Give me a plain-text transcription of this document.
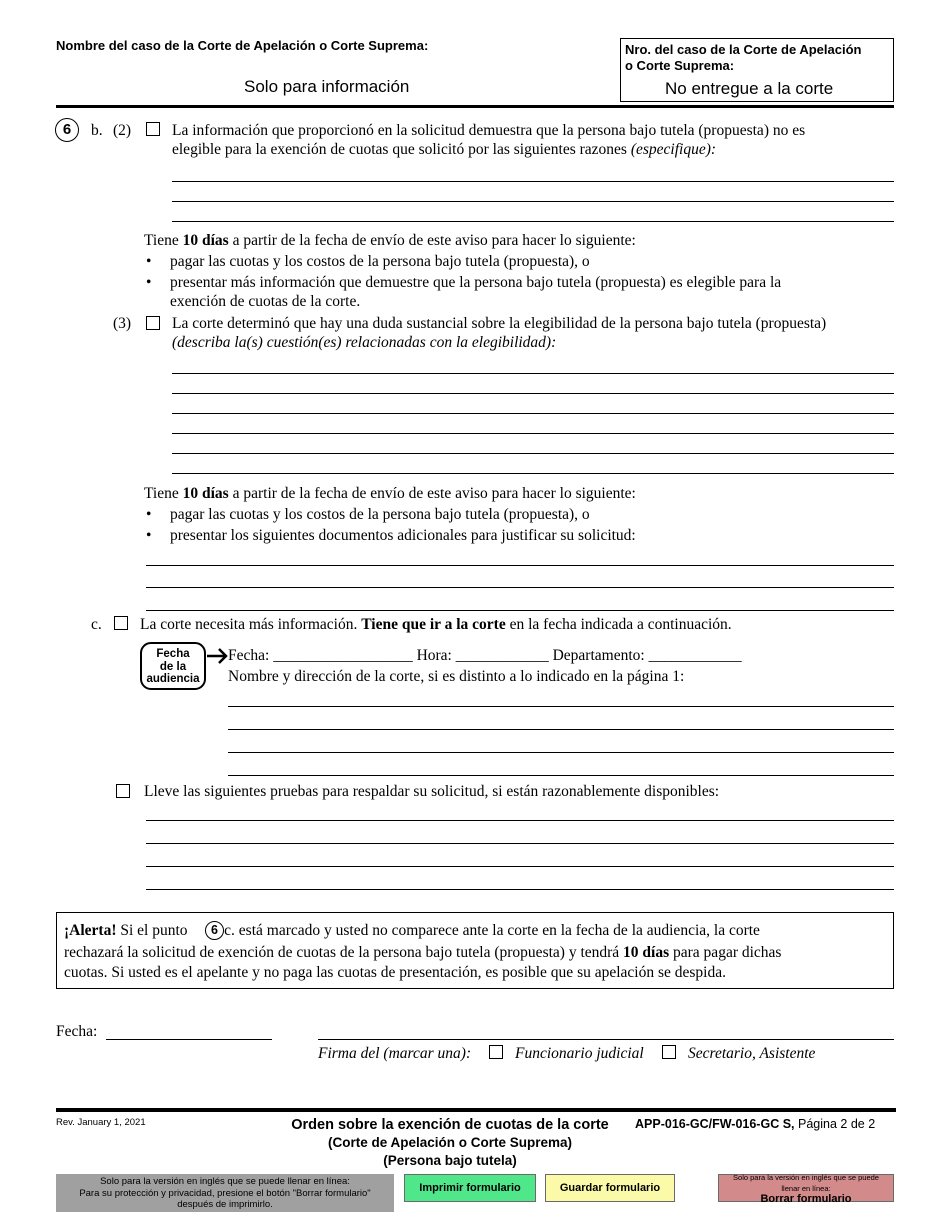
Nombre del caso de la Corte de Apelación o Corte Suprema:
Solo para información
Nro. del caso de la Corte de Apelación
o Corte Suprema:
No entregue a la corte
6	b. (2)	La información que proporcionó en la solicitud demuestra que la persona bajo tutela (propuesta) no es
elegible para la exención de cuotas que solicitó por las siguientes razones (especifique):
Tiene 10 días a partir de la fecha de envío de este aviso para hacer lo siguiente:
• pagar las cuotas y los costos de la persona bajo tutela (propuesta), o
• presentar más información que demuestre que la persona bajo tutela (propuesta) es elegible para la
exención de cuotas de la corte.
(3)	La corte determinó que hay una duda sustancial sobre la elegibilidad de la persona bajo tutela (propuesta)
(describa la(s) cuestión(es) relacionadas con la elegibilidad):
Tiene 10 días a partir de la fecha de envío de este aviso para hacer lo siguiente:
• pagar las cuotas y los costos de la persona bajo tutela (propuesta), o
• presentar los siguientes documentos adicionales para justificar su solicitud:
c. La corte necesita más información. Tiene que ir a la corte en la fecha indicada a continuación.
Fecha
de la
audiencia
Fecha: __________________ Hora: ____________ Departamento: ____________
Nombre y dirección de la corte, si es distinto a lo indicado en la página 1:
Lleve las siguientes pruebas para respaldar su solicitud, si están razonablemente disponibles:
¡Alerta! Si el punto c. está marcado y usted no comparece ante la corte en la fecha de la audiencia, la corte
6
rechazará la solicitud de exención de cuotas de la persona bajo tutela (propuesta) y tendrá 10 días para pagar dichas
cuotas. Si usted es el apelante y no paga las cuotas de presentación, es posible que su apelación se despida.
Fecha:
Firma del (marcar una):	Funcionario judicial	Secretario, Asistente
Rev. January 1, 2021	Orden sobre la exención de cuotas de la corte
(Corte de Apelación o Corte Suprema)
(Persona bajo tutela)
APP-016-GC/FW-016-GC S, Página 2 de 2
Solo para la versión en inglés que se puede llenar en línea:
Para su protección y privacidad, presione el botón "Borrar formulario"
después de imprimirlo.
Imprimir formulario	Guardar formulario
Solo para la versión en inglés que se puede llenar en línea:
Borrar formulario
